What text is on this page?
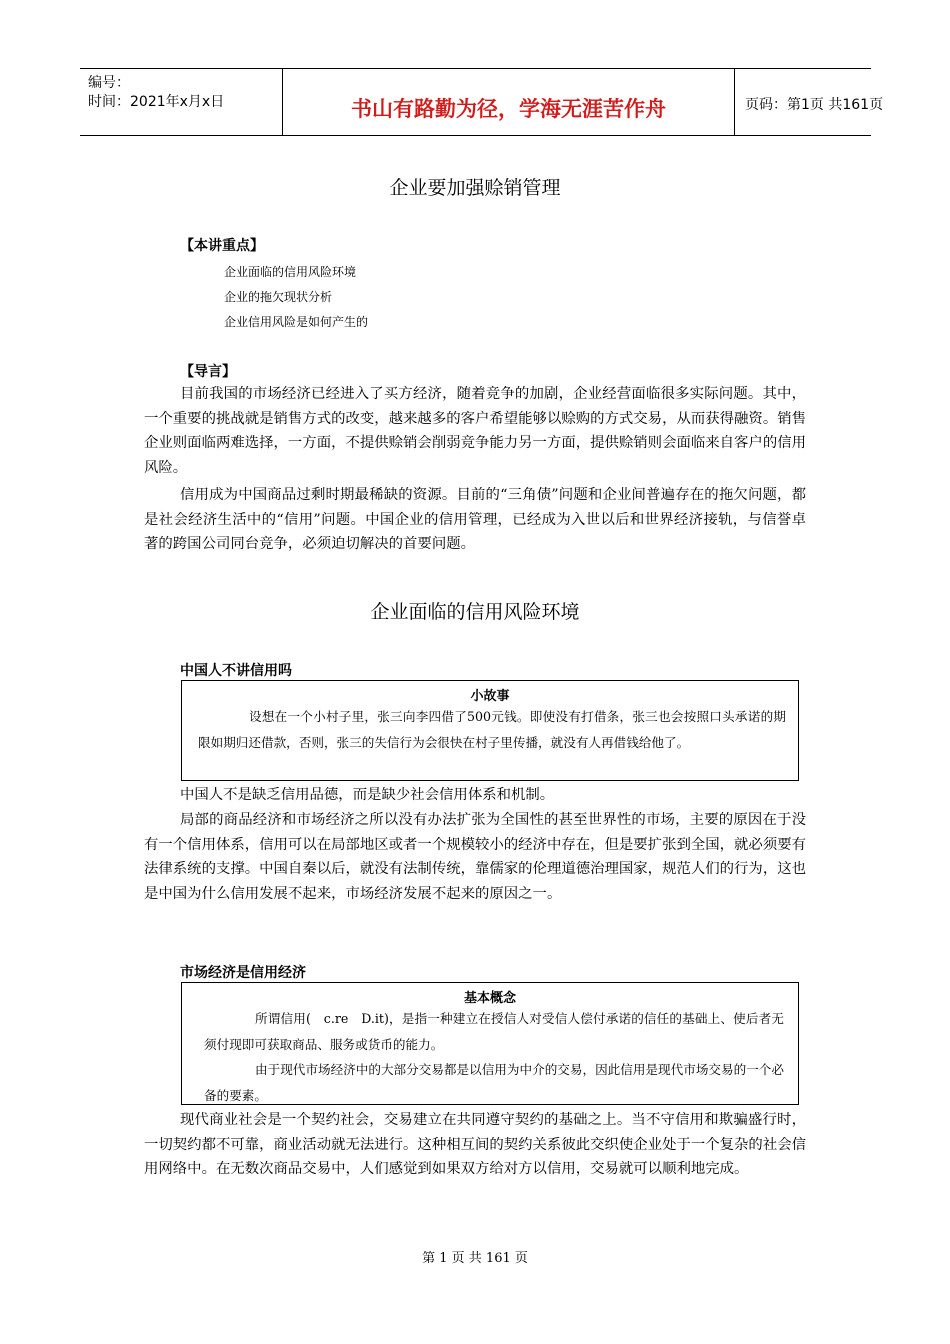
编号：
时间：2021年x月x日	书山有路勤为径，学海无涯苦作舟	页码：第1页 共161页
企业要加强赊销管理
【本讲重点】
企业面临的信用风险环境
企业的拖欠现状分析
企业信用风险是如何产生的
【导言】
目前我国的市场经济已经进入了买方经济，随着竞争的加剧，企业经营面临很多实际问题。其中，一个重要的挑战就是销售方式的改变，越来越多的客户希望能够以赊购的方式交易，从而获得融资。销售企业则面临两难选择，一方面，不提供赊销会削弱竞争能力另一方面，提供赊销则会面临来自客户的信用风险。
信用成为中国商品过剩时期最稀缺的资源。目前的“三角债”问题和企业间普遍存在的拖欠问题，都是社会经济生活中的“信用”问题。中国企业的信用管理，已经成为入世以后和世界经济接轨，与信誉卓著的跨国公司同台竞争，必须迫切解决的首要问题。
企业面临的信用风险环境
中国人不讲信用吗
小故事
设想在一个小村子里，张三向李四借了500元钱。即使没有打借条，张三也会按照口头承诺的期限如期归还借款，否则，张三的失信行为会很快在村子里传播，就没有人再借钱给他了。
中国人不是缺乏信用品德，而是缺少社会信用体系和机制。
局部的商品经济和市场经济之所以没有办法扩张为全国性的甚至世界性的市场，主要的原因在于没有一个信用体系，信用可以在局部地区或者一个规模较小的经济中存在，但是要扩张到全国，就必须要有法律系统的支撑。中国自秦以后，就没有法制传统，靠儒家的伦理道德治理国家，规范人们的行为，这也是中国为什么信用发展不起来，市场经济发展不起来的原因之一。
市场经济是信用经济
基本概念
所谓信用(　c.re　D.it)，是指一种建立在授信人对受信人偿付承诺的信任的基础上、使后者无须付现即可获取商品、服务或货币的能力。
由于现代市场经济中的大部分交易都是以信用为中介的交易，因此信用是现代市场交易的一个必备的要素。
现代商业社会是一个契约社会，交易建立在共同遵守契约的基础之上。当不守信用和欺骗盛行时，一切契约都不可靠，商业活动就无法进行。这种相互间的契约关系彼此交织使企业处于一个复杂的社会信用网络中。在无数次商品交易中，人们感觉到如果双方给对方以信用，交易就可以顺利地完成。
第 1 页 共 161 页
